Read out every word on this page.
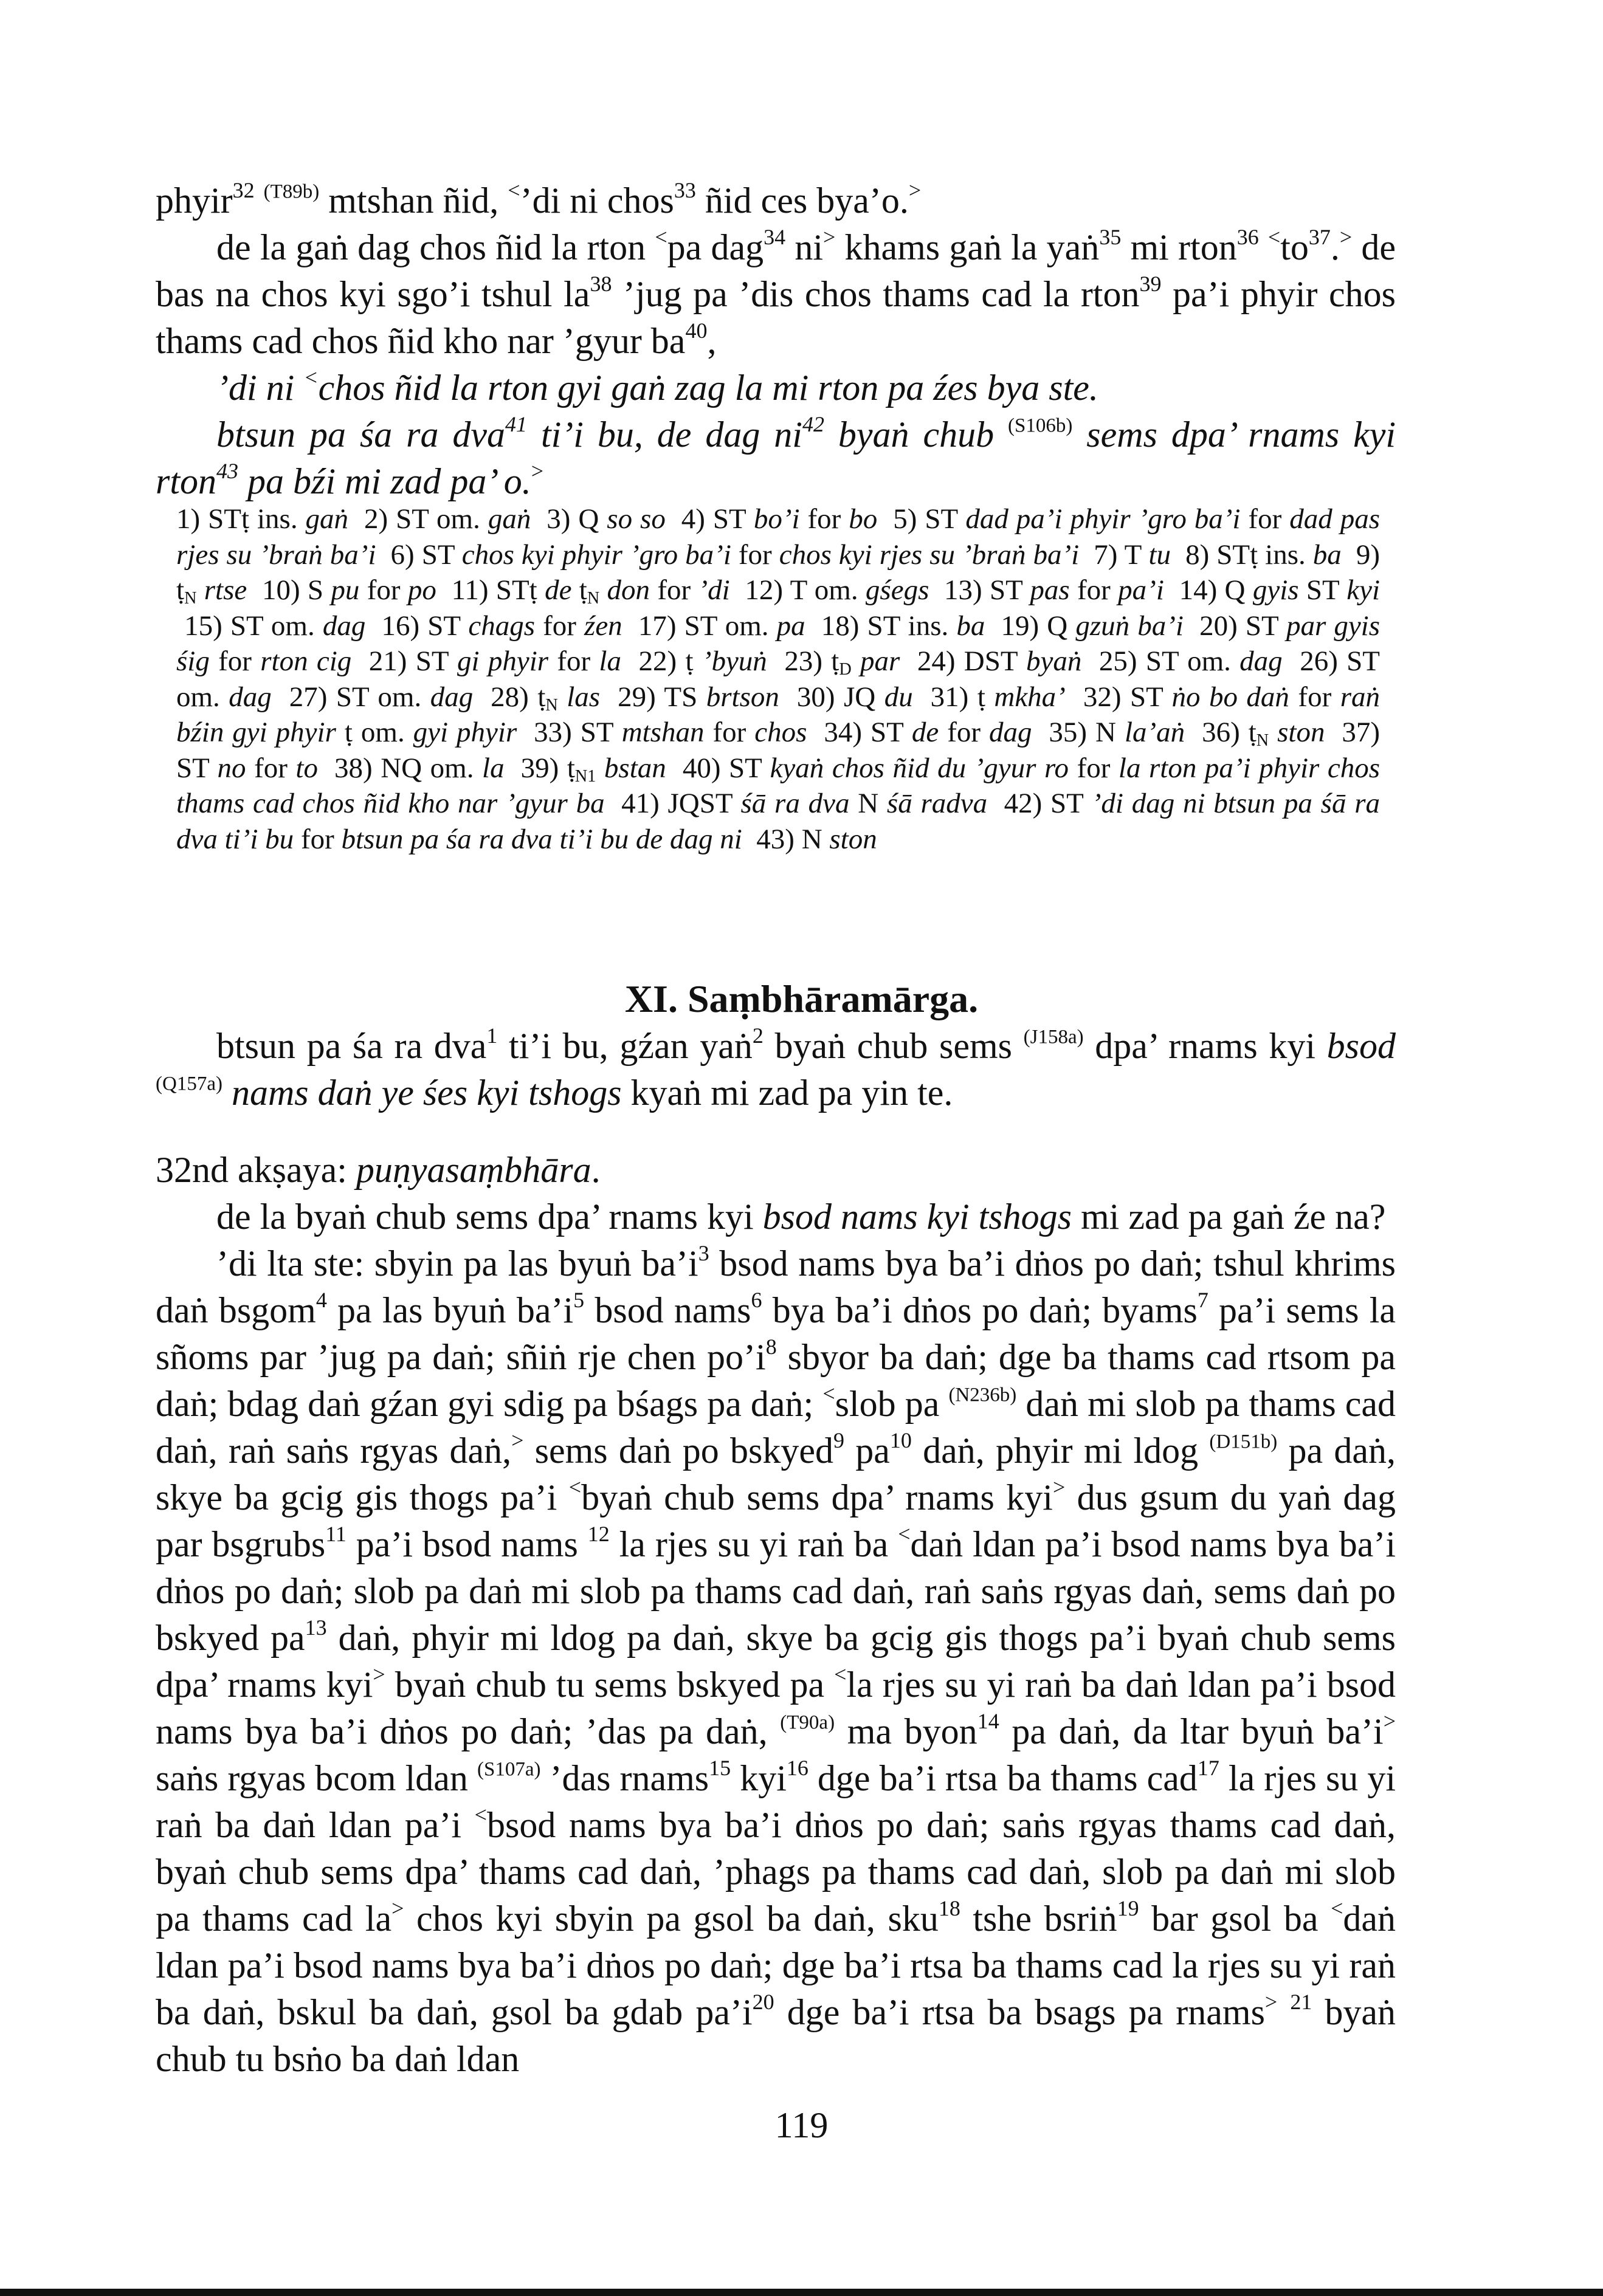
phyir$^{32}$ $^{(T89b)}$ mtshan ñid, <’di ni chos$^{33}$ ñid ces bya’o.>

de la gaṅ dag chos ñid la rton <pa dag$^{34}$ ni> khams gaṅ la yaṅ$^{35}$ mi rton$^{36}$ $^<to^{37}.^>$ de bas na chos kyi sgo’i tshul $la^{38}$ ’jug pa ’dis chos thams cad la rton$^{39}$ pa’i phyir chos thams cad chos ñid kho nar ’gyur $ba^{40}$,

’di ni <chos ñid la rton gyi gaṅ zag la mi rton pa źes bya ste.

btsun pa śa ra dva$^{41}$ ti’i bu, de dag $ni^{42}$ byaṅ chub $^{(S106b)}$ sems dpa’ rnams kyi rton$^{43}$ pa bźi mi zad pa’ o.>

1) STṭ ins. gaṅ  2) ST om. gaṅ  3) Q so so  4) ST bo’i for bo  5) ST dad pa’i phyir ’gro ba’i for dad pas rjes su ’braṅ ba’i  6) ST chos kyi phyir ’gro ba’i for chos kyi rjes su ’braṅ ba’i  7) T tu  8) STṭ ins. ba  9) ṭ$_N$ rtse  10) S pu for po  11) STṭ de ṭ$_N$ don for ’di  12) T om. gśegs  13) ST pas for pa’i  14) Q gyis ST kyi  15) ST om. dag  16) ST chags for źen  17) ST om. pa  18) ST ins. ba  19) Q gzuṅ ba’i  20) ST par gyis śig for rton cig  21) ST gi phyir for la  22) ṭ ’byuṅ  23) ṭ$_D$ par  24) DST byaṅ  25) ST om. dag  26) ST om. dag  27) ST om. dag  28) ṭ$_N$ las  29) TS brtson  30) JQ du  31) ṭ mkha’  32) ST ṅo bo daṅ for raṅ bźin gyi phyir ṭ om. gyi phyir  33) ST mtshan for chos  34) ST de for dag  35) N la’aṅ  36) ṭ$_N$ ston  37) ST no for to  38) NQ om. la  39) ṭ$_{N1}$ bstan  40) ST kyaṅ chos ñid du ’gyur ro for la rton pa’i phyir chos thams cad chos ñid kho nar ’gyur ba  41) JQST śā ra dva N śā radva  42) ST ’di dag ni btsun pa śā ra dva ti’i bu for btsun pa śa ra dva ti’i bu de dag ni  43) N ston

XI. Saṃbhāramārga.

btsun pa śa ra dva$^1$ ti’i bu, gźan yaṅ$^2$ byaṅ chub sems $^{(J158a)}$ dpa’ rnams kyi bsod $^{(Q157a)}$ nams daṅ ye śes kyi tshogs kyaṅ mi zad pa yin te.

32nd akṣaya: puṇyasaṃbhāra.

de la byaṅ chub sems dpa’ rnams kyi bsod nams kyi tshogs mi zad pa gaṅ źe na?

’di lta ste: sbyin pa las byuṅ $ba’i^3$ bsod nams bya ba’i dṅos po daṅ; tshul khrims daṅ bsgom$^4$ pa las byuṅ $ba’i^5$ bsod nams$^6$ bya ba’i dṅos po daṅ; byams$^7$ pa’i sems la sñoms par ’jug pa daṅ; sñiṅ rje chen $po’i^8$ sbyor ba daṅ; dge ba thams cad rtsom pa daṅ; bdag daṅ gźan gyi sdig pa bśags pa daṅ; <slob pa $^{(N236b)}$ daṅ mi slob pa thams cad daṅ, raṅ saṅs rgyas daṅ,> sems daṅ po bskyed$^9$ $pa^{10}$ daṅ, phyir mi ldog $^{(D151b)}$ pa daṅ, skye ba gcig gis thogs pa’i <byaṅ chub sems dpa’ rnams kyi> dus gsum du yaṅ dag par bsgrubs$^{11}$ pa’i bsod nams $^{12}$ la rjes su yi raṅ ba <daṅ ldan pa’i bsod nams bya ba’i dṅos po daṅ; slob pa daṅ mi slob pa thams cad daṅ, raṅ saṅs rgyas daṅ, sems daṅ po bskyed $pa^{13}$ daṅ, phyir mi ldog pa daṅ, skye ba gcig gis thogs pa’i byaṅ chub sems dpa’ rnams kyi> byaṅ chub tu sems bskyed pa <la rjes su yi raṅ ba daṅ ldan pa’i bsod nams bya ba’i dṅos po daṅ; ’das pa daṅ, $^{(T90a)}$ ma byon$^{14}$ pa daṅ, da ltar byuṅ ba’i> saṅs rgyas bcom ldan $^{(S107a)}$ ’das rnams$^{15}$ kyi$^{16}$ dge ba’i rtsa ba thams cad$^{17}$ la rjes su yi raṅ ba daṅ ldan pa’i <bsod nams bya ba’i dṅos po daṅ; saṅs rgyas thams cad daṅ, byaṅ chub sems dpa’ thams cad daṅ, ’phags pa thams cad daṅ, slob pa daṅ mi slob pa thams cad la> chos kyi sbyin pa gsol ba daṅ, sku$^{18}$ tshe bsriṅ$^{19}$ bar gsol ba <daṅ ldan pa’i bsod nams bya ba’i dṅos po daṅ; dge ba’i rtsa ba thams cad la rjes su yi raṅ ba daṅ, bskul ba daṅ, gsol ba gdab $pa’i^{20}$ dge ba’i rtsa ba bsags pa rnams> $^{21}$ byaṅ chub tu bsṅo ba daṅ ldan

119
